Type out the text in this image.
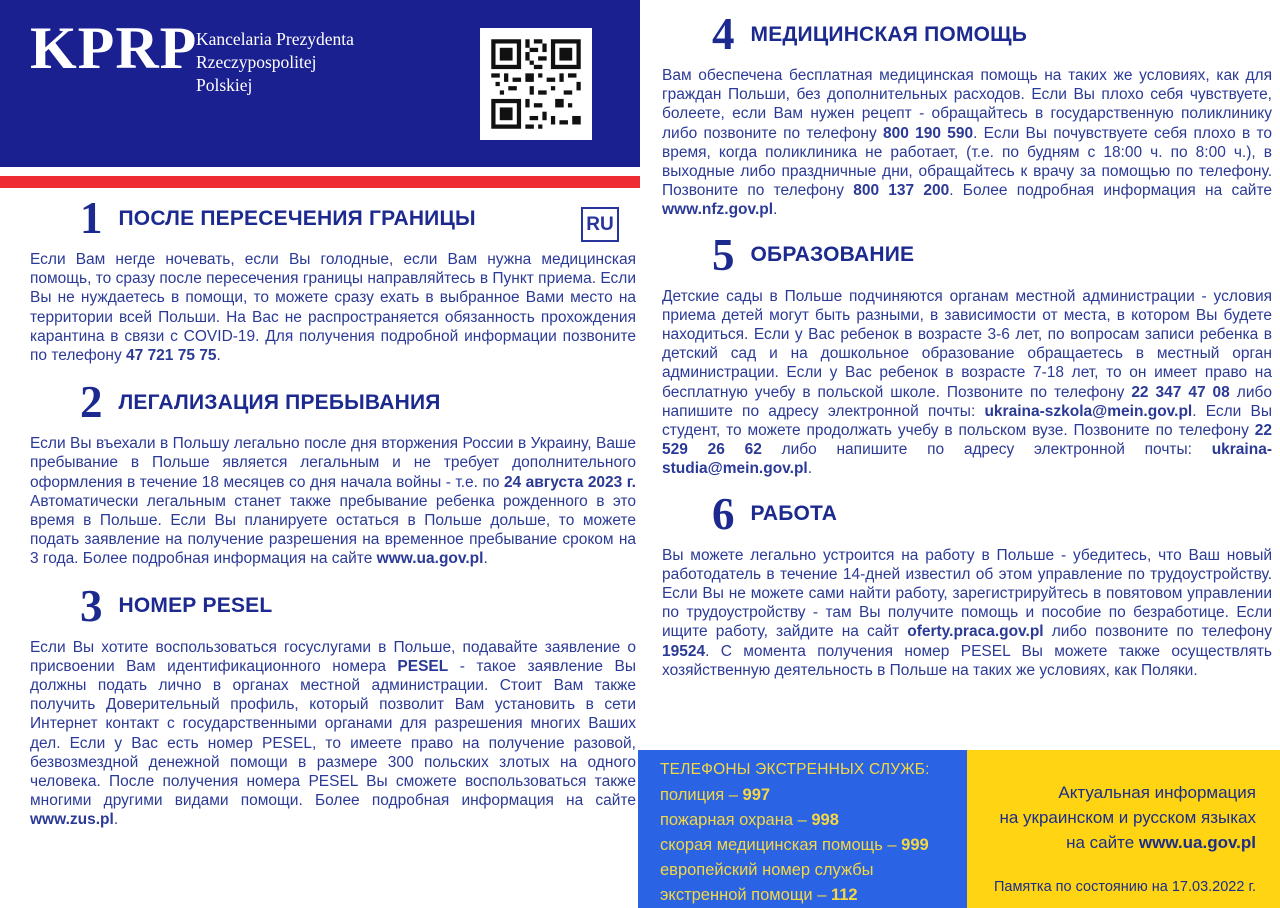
KPRP
Kancelaria Prezydenta
Rzeczypospolitej
Polskiej
RU
1 ПОСЛЕ ПЕРЕСЕЧЕНИЯ ГРАНИЦЫ

Если Вам негде ночевать, если Вы голодные, если Вам нужна медицинская помощь, то сразу после пересечения границы направляйтесь в Пункт приема. Если Вы не нуждаетесь в помощи, то можете сразу ехать в выбранное Вами место на территории всей Польши. На Вас не распространяется обязанность прохождения карантина в связи с COVID-19. Для получения подробной информации позвоните по телефону 47 721 75 75.

2 ЛЕГАЛИЗАЦИЯ ПРЕБЫВАНИЯ

Если Вы въехали в Польшу легально после дня вторжения России в Украину, Ваше пребывание в Польше является легальным и не требует дополнительного оформления в течение 18 месяцев со дня начала войны - т.е. по 24 августа 2023 г. Автоматически легальным станет также пребывание ребенка рожденного в это время в Польше. Если Вы планируете остаться в Польше дольше, то можете подать заявление на получение разрешения на временное пребывание сроком на 3 года. Более подробная информация на сайте www.ua.gov.pl.

3 НОМЕР PESEL

Если Вы хотите воспользоваться госуслугами в Польше, подавайте заявление о присвоении Вам идентификационного номера PESEL - такое заявление Вы должны подать лично в органах местной администрации. Стоит Вам также получить Доверительный профиль, который позволит Вам установить в сети Интернет контакт с государственными органами для разрешения многих Ваших дел. Если у Вас есть номер PESEL, то имеете право на получение разовой, безвозмездной денежной помощи в размере 300 польских злотых на одного человека. После получения номера PESEL Вы сможете воспользоваться также многими другими видами помощи. Более подробная информация на сайте www.zus.pl.

4 МЕДИЦИНСКАЯ ПОМОЩЬ

Вам обеспечена бесплатная медицинская помощь на таких же условиях, как для граждан Польши, без дополнительных расходов. Если Вы плохо себя чувствуете, болеете, если Вам нужен рецепт - обращайтесь в государственную поликлинику либо позвоните по телефону 800 190 590. Если Вы почувствуете себя плохо в то время, когда поликлиника не работает, (т.е. по будням с 18:00 ч. по 8:00 ч.), в выходные либо праздничные дни, обращайтесь к врачу за помощью по телефону. Позвоните по телефону 800 137 200. Более подробная информация на сайте www.nfz.gov.pl.

5 ОБРАЗОВАНИЕ

Детские сады в Польше подчиняются органам местной администрации - условия приема детей могут быть разными, в зависимости от места, в котором Вы будете находиться. Если у Вас ребенок в возрасте 3-6 лет, по вопросам записи ребенка в детский сад и на дошкольное образование обращаетесь в местный орган администрации. Если у Вас ребенок в возрасте 7-18 лет, то он имеет право на бесплатную учебу в польской школе. Позвоните по телефону 22 347 47 08 либо напишите по адресу электронной почты: ukraina-szkola@mein.gov.pl. Если Вы студент, то можете продолжать учебу в польском вузе. Позвоните по телефону 22 529 26 62 либо напишите по адресу электронной почты: ukraina-studia@mein.gov.pl.

6 РАБОТА

Вы можете легально устроится на работу в Польше - убедитесь, что Ваш новый работодатель в течение 14-дней известил об этом управление по трудоустройству. Если Вы не можете сами найти работу, зарегистрируйтесь в повятовом управлении по трудоустройству - там Вы получите помощь и пособие по безработице. Если ищите работу, зайдите на сайт oferty.praca.gov.pl либо позвоните по телефону 19524. С момента получения номер PESEL Вы можете также осуществлять хозяйственную деятельность в Польше на таких же условиях, как Поляки.

ТЕЛЕФОНЫ ЭКСТРЕННЫХ СЛУЖБ:
полиция – 997
пожарная охрана – 998
скорая медицинская помощь – 999
европейский номер службы
экстренной помощи – 112
Актуальная информация
на украинском и русском языках
на сайте www.ua.gov.pl
Памятка по состоянию на 17.03.2022 г.
